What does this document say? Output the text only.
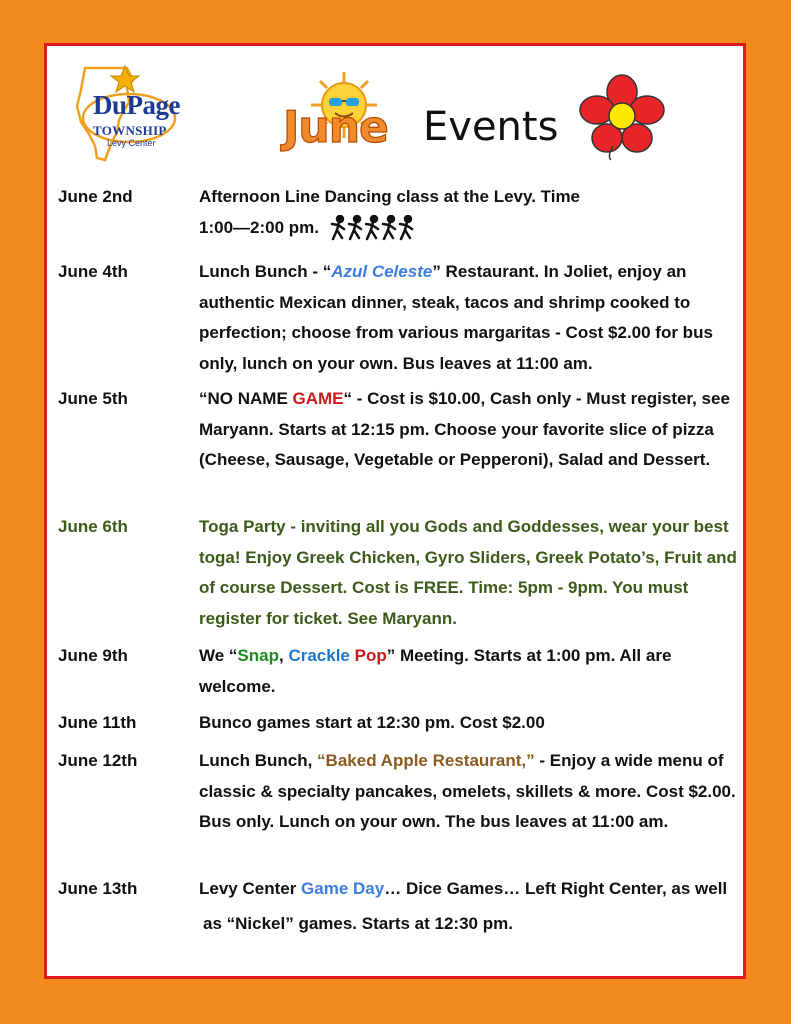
DuPage
TOWNSHIP
Levy Center	June Events
June 2nd	Afternoon Line Dancing class at the Levy. Time
1:00—2:00 pm.
June 4th	Lunch Bunch - “Azul Celeste” Restaurant. In Joliet, enjoy an authentic Mexican dinner, steak, tacos and shrimp cooked to perfection; choose from various margaritas - Cost $2.00 for bus only, lunch on your own. Bus leaves at 11:00 am.
June 5th	“NO NAME GAME“ - Cost is $10.00, Cash only - Must register, see Maryann. Starts at 12:15 pm. Choose your favorite slice of pizza (Cheese, Sausage, Vegetable or Pepperoni), Salad and Dessert.
June 6th	Toga Party - inviting all you Gods and Goddesses, wear your best toga! Enjoy Greek Chicken, Gyro Sliders, Greek Potato’s, Fruit and of course Dessert. Cost is FREE. Time: 5pm - 9pm. You must register for ticket. See Maryann.
June 9th	We “Snap, Crackle Pop” Meeting. Starts at 1:00 pm. All are welcome.
June 11th	Bunco games start at 12:30 pm. Cost $2.00
June 12th	Lunch Bunch, “Baked Apple Restaurant,” - Enjoy a wide menu of classic & specialty pancakes, omelets, skillets & more. Cost $2.00. Bus only. Lunch on your own. The bus leaves at 11:00 am.
June 13th	Levy Center Game Day… Dice Games… Left Right Center, as well
as “Nickel” games. Starts at 12:30 pm.
